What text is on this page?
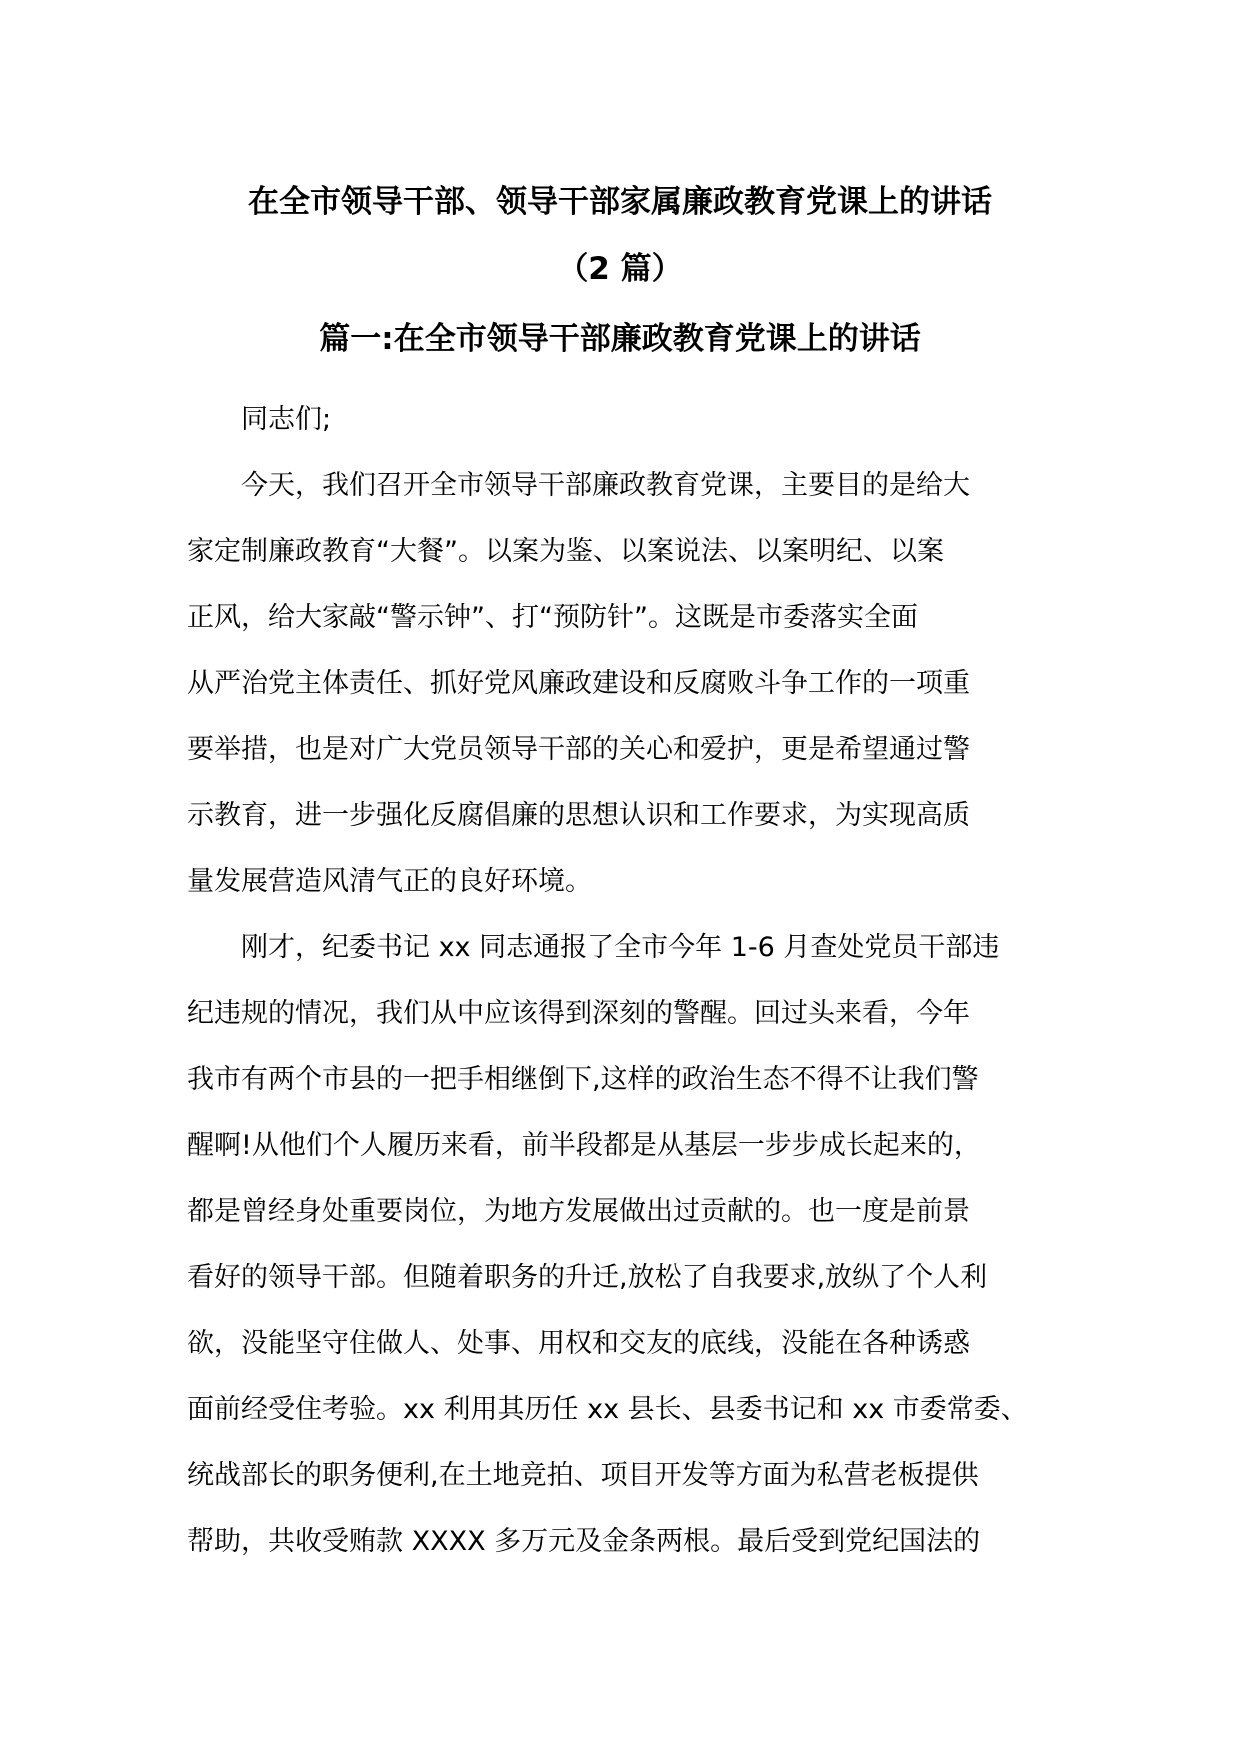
在全市领导干部、领导干部家属廉政教育党课上的讲话
（2 篇）
篇一:在全市领导干部廉政教育党课上的讲话

同志们;

今天，我们召开全市领导干部廉政教育党课，主要目的是给大
家定制廉政教育“大餐”。以案为鉴、以案说法、以案明纪、以案
正风，给大家敲“警示钟”、打“预防针”。这既是市委落实全面
从严治党主体责任、抓好党风廉政建设和反腐败斗争工作的一项重
要举措，也是对广大党员领导干部的关心和爱护，更是希望通过警
示教育，进一步强化反腐倡廉的思想认识和工作要求，为实现高质
量发展营造风清气正的良好环境。

刚才，纪委书记 xx 同志通报了全市今年 1-6 月查处党员干部违
纪违规的情况，我们从中应该得到深刻的警醒。回过头来看，今年
我市有两个市县的一把手相继倒下,这样的政治生态不得不让我们警
醒啊!从他们个人履历来看，前半段都是从基层一步步成长起来的，
都是曾经身处重要岗位，为地方发展做出过贡献的。也一度是前景
看好的领导干部。但随着职务的升迁,放松了自我要求,放纵了个人利
欲，没能坚守住做人、处事、用权和交友的底线，没能在各种诱惑
面前经受住考验。xx 利用其历任 xx 县长、县委书记和 xx 市委常委、
统战部长的职务便利,在土地竞拍、项目开发等方面为私营老板提供
帮助，共收受贿款 XXXX 多万元及金条两根。最后受到党纪国法的
